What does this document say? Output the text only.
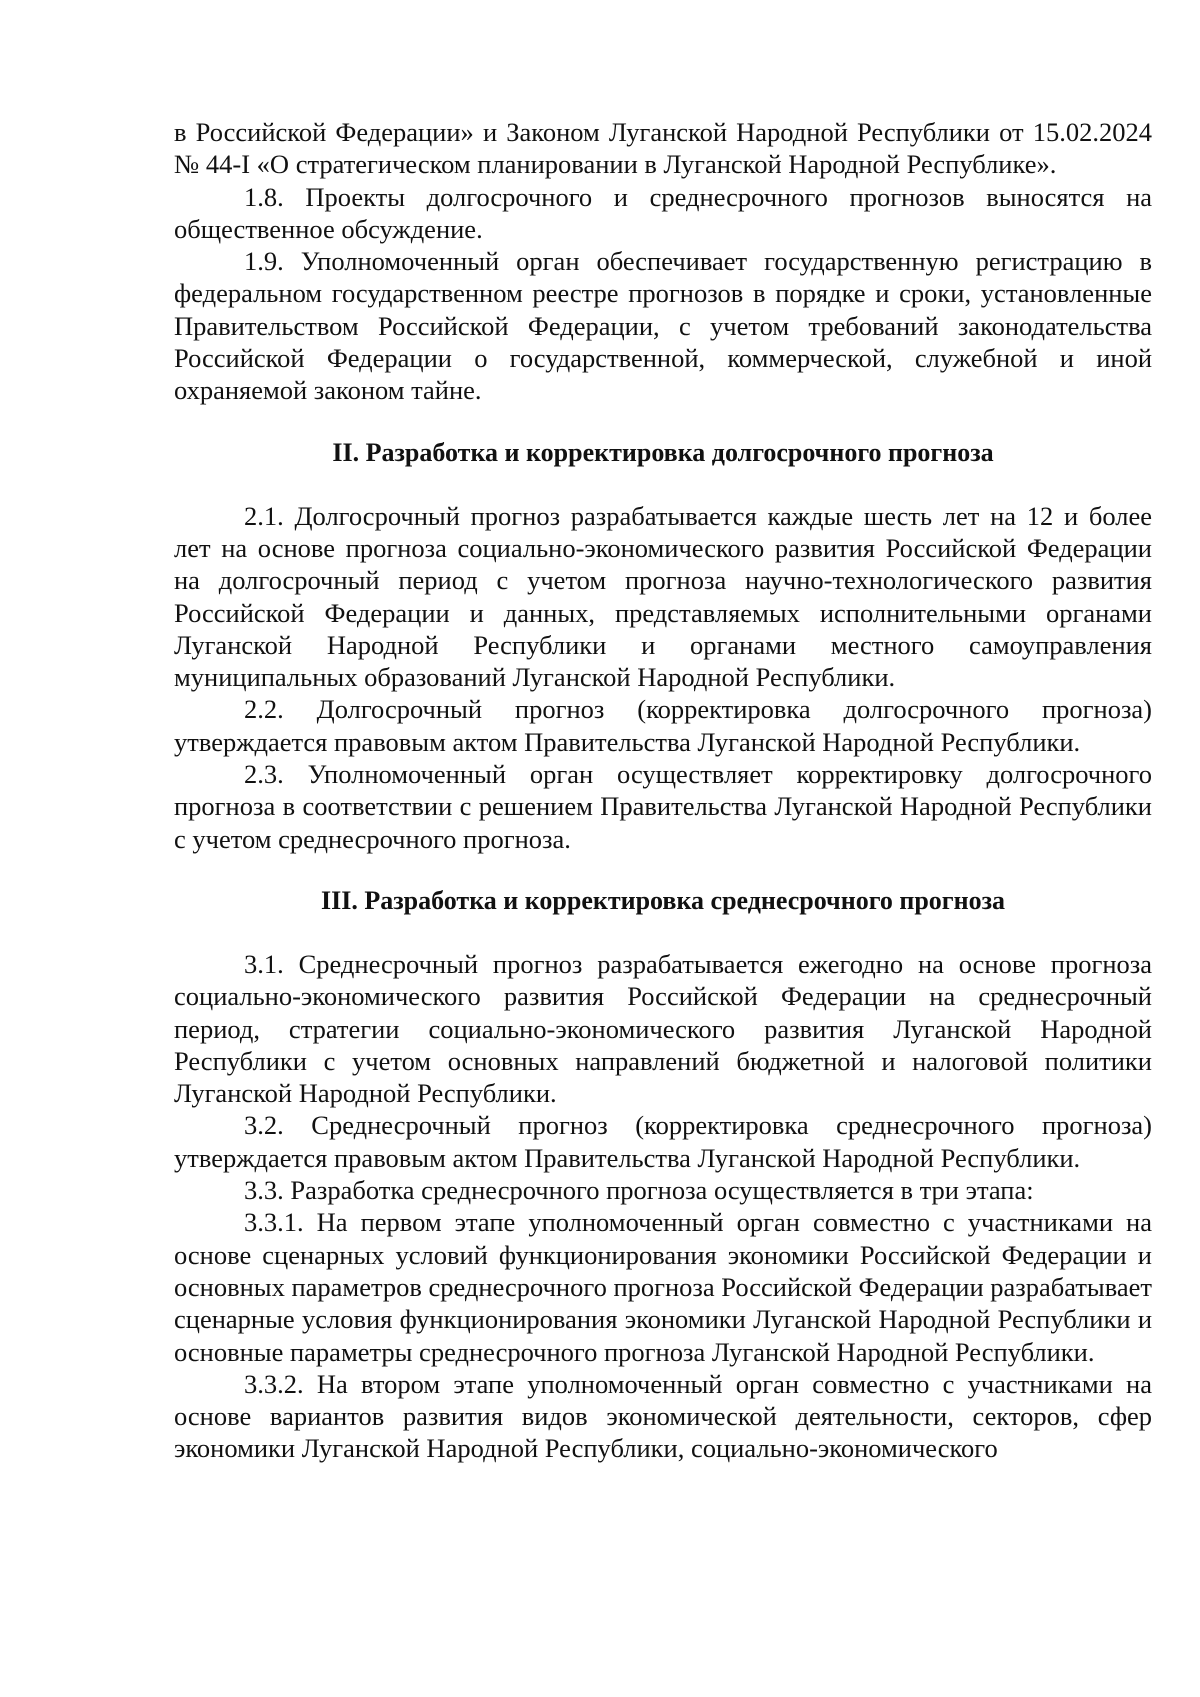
в Российской Федерации» и Законом Луганской Народной Республики от 15.02.2024 № 44-I «О стратегическом планировании в Луганской Народной Республике».

1.8. Проекты долгосрочного и среднесрочного прогнозов выносятся на общественное обсуждение.

1.9. Уполномоченный орган обеспечивает государственную регистрацию в федеральном государственном реестре прогнозов в порядке и сроки, установленные Правительством Российской Федерации, с учетом требований законодательства Российской Федерации о государственной, коммерческой, служебной и иной охраняемой законом тайне.

II. Разработка и корректировка долгосрочного прогноза

2.1. Долгосрочный прогноз разрабатывается каждые шесть лет на 12 и более лет на основе прогноза социально-экономического развития Российской Федерации на долгосрочный период с учетом прогноза научно-технологического развития Российской Федерации и данных, представляемых исполнительными органами Луганской Народной Республики и органами местного самоуправления муниципальных образований Луганской Народной Республики.

2.2. Долгосрочный прогноз (корректировка долгосрочного прогноза) утверждается правовым актом Правительства Луганской Народной Республики.

2.3. Уполномоченный орган осуществляет корректировку долгосрочного прогноза в соответствии с решением Правительства Луганской Народной Республики с учетом среднесрочного прогноза.

III. Разработка и корректировка среднесрочного прогноза

3.1. Среднесрочный прогноз разрабатывается ежегодно на основе прогноза социально-экономического развития Российской Федерации на среднесрочный период, стратегии социально-экономического развития Луганской Народной Республики с учетом основных направлений бюджетной и налоговой политики Луганской Народной Республики.

3.2. Среднесрочный прогноз (корректировка среднесрочного прогноза) утверждается правовым актом Правительства Луганской Народной Республики.

3.3. Разработка среднесрочного прогноза осуществляется в три этапа:

3.3.1. На первом этапе уполномоченный орган совместно с участниками на основе сценарных условий функционирования экономики Российской Федерации и основных параметров среднесрочного прогноза Российской Федерации разрабатывает сценарные условия функционирования экономики Луганской Народной Республики и основные параметры среднесрочного прогноза Луганской Народной Республики.

3.3.2. На втором этапе уполномоченный орган совместно с участниками на основе вариантов развития видов экономической деятельности, секторов, сфер экономики Луганской Народной Республики, социально-экономического
